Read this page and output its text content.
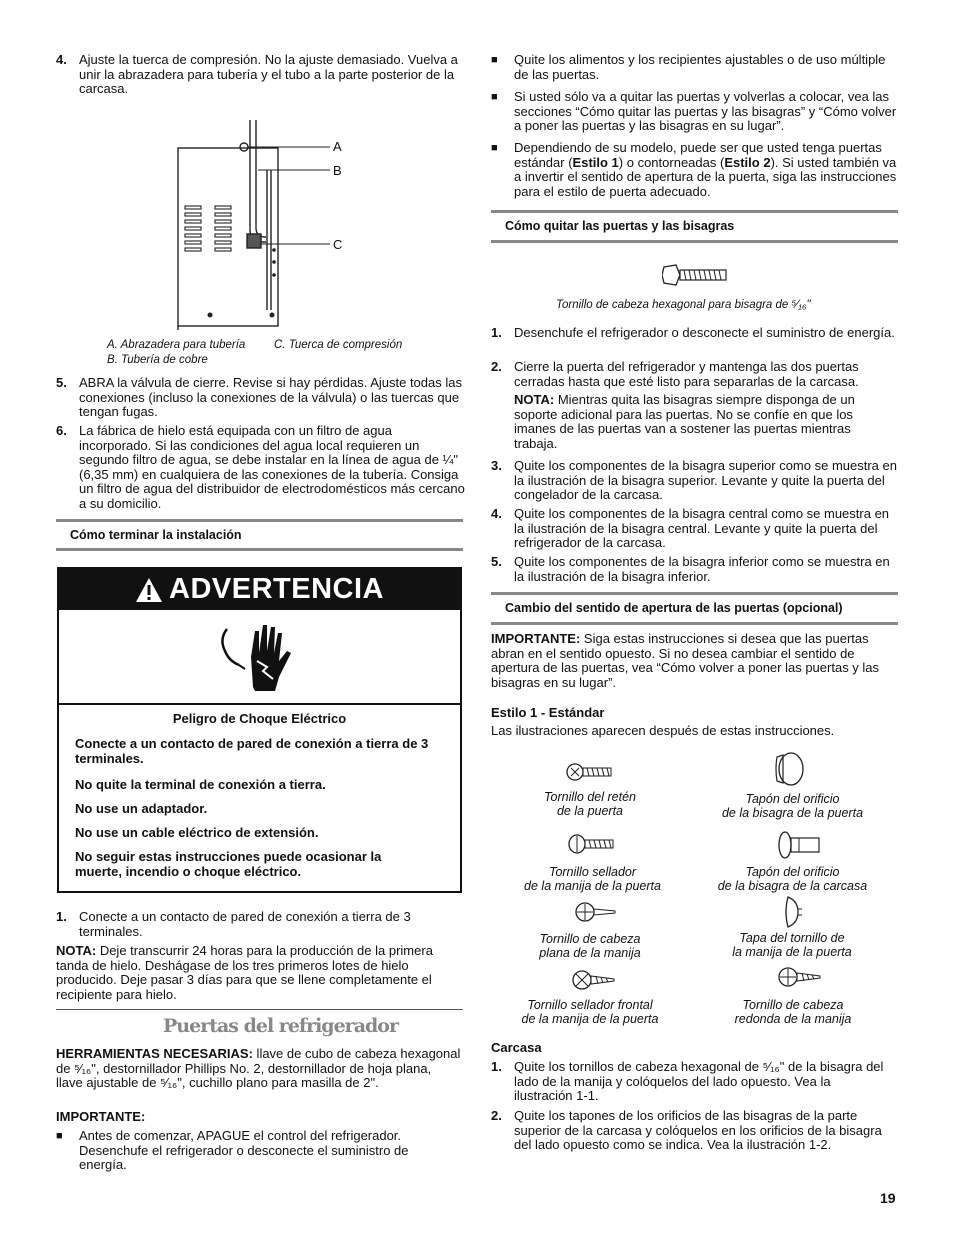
4. Ajuste la tuerca de compresión. No la ajuste demasiado. Vuelva a unir la abrazadera para tubería y el tubo a la parte posterior de la carcasa.
A
B
C
A. Abrazadera para tubería C. Tuerca de compresión
B. Tubería de cobre
5. ABRA la válvula de cierre. Revise si hay pérdidas. Ajuste todas las conexiones (incluso la conexiones de la válvula) o las tuercas que tengan fugas.
6. La fábrica de hielo está equipada con un filtro de agua incorporado. Si las condiciones del agua local requieren un segundo filtro de agua, se debe instalar en la línea de agua de ¼" (6,35 mm) en cualquiera de las conexiones de la tubería. Consiga un filtro de agua del distribuidor de electrodomésticos más cercano a su domicilio.
Cómo terminar la instalación
ADVERTENCIA
Peligro de Choque Eléctrico
Conecte a un contacto de pared de conexión a tierra de 3 terminales.
No quite la terminal de conexión a tierra.
No use un adaptador.
No use un cable eléctrico de extensión.
No seguir estas instrucciones puede ocasionar la muerte, incendio o choque eléctrico.
1. Conecte a un contacto de pared de conexión a tierra de 3 terminales.
NOTA: Deje transcurrir 24 horas para la producción de la primera tanda de hielo. Deshágase de los tres primeros lotes de hielo producido. Deje pasar 3 días para que se llene completamente el recipiente para hielo.
Puertas del refrigerador
HERRAMIENTAS NECESARIAS: llave de cubo de cabeza hexagonal de ⁵⁄₁₆", destornillador Phillips No. 2, destornillador de hoja plana, llave ajustable de ⁵⁄₁₆", cuchillo plano para masilla de 2".
IMPORTANTE:
■ Antes de comenzar, APAGUE el control del refrigerador. Desenchufe el refrigerador o desconecte el suministro de energía.
■ Quite los alimentos y los recipientes ajustables o de uso múltiple de las puertas.
■ Si usted sólo va a quitar las puertas y volverlas a colocar, vea las secciones “Cómo quitar las puertas y las bisagras” y “Cómo volver a poner las puertas y las bisagras en su lugar”.
■ Dependiendo de su modelo, puede ser que usted tenga puertas estándar (Estilo 1) o contorneadas (Estilo 2). Si usted también va a invertir el sentido de apertura de la puerta, siga las instrucciones para el estilo de puerta adecuado.
Cómo quitar las puertas y las bisagras
Tornillo de cabeza hexagonal para bisagra de ⁵⁄₁₆"
1. Desenchufe el refrigerador o desconecte el suministro de energía.
2. Cierre la puerta del refrigerador y mantenga las dos puertas cerradas hasta que esté listo para separarlas de la carcasa.
NOTA: Mientras quita las bisagras siempre disponga de un soporte adicional para las puertas. No se confíe en que los imanes de las puertas van a sostener las puertas mientras trabaja.
3. Quite los componentes de la bisagra superior como se muestra en la ilustración de la bisagra superior. Levante y quite la puerta del congelador de la carcasa.
4. Quite los componentes de la bisagra central como se muestra en la ilustración de la bisagra central. Levante y quite la puerta del refrigerador de la carcasa.
5. Quite los componentes de la bisagra inferior como se muestra en la ilustración de la bisagra inferior.
Cambio del sentido de apertura de las puertas (opcional)
IMPORTANTE: Siga estas instrucciones si desea que las puertas abran en el sentido opuesto. Si no desea cambiar el sentido de apertura de las puertas, vea “Cómo volver a poner las puertas y las bisagras en su lugar”.
Estilo 1 - Estándar
Las ilustraciones aparecen después de estas instrucciones.
Tornillo del retén
de la puerta
Tapón del orificio
de la bisagra de la puerta
Tornillo sellador
de la manija de la puerta
Tapón del orificio
de la bisagra de la carcasa
Tornillo de cabeza
plana de la manija
Tapa del tornillo de
la manija de la puerta
Tornillo sellador frontal
de la manija de la puerta
Tornillo de cabeza
redonda de la manija
Carcasa
1. Quite los tornillos de cabeza hexagonal de ⁵⁄₁₆" de la bisagra del lado de la manija y colóquelos del lado opuesto. Vea la ilustración 1-1.
2. Quite los tapones de los orificios de las bisagras de la parte superior de la carcasa y colóquelos en los orificios de la bisagra del lado opuesto como se indica. Vea la ilustración 1-2.
19
